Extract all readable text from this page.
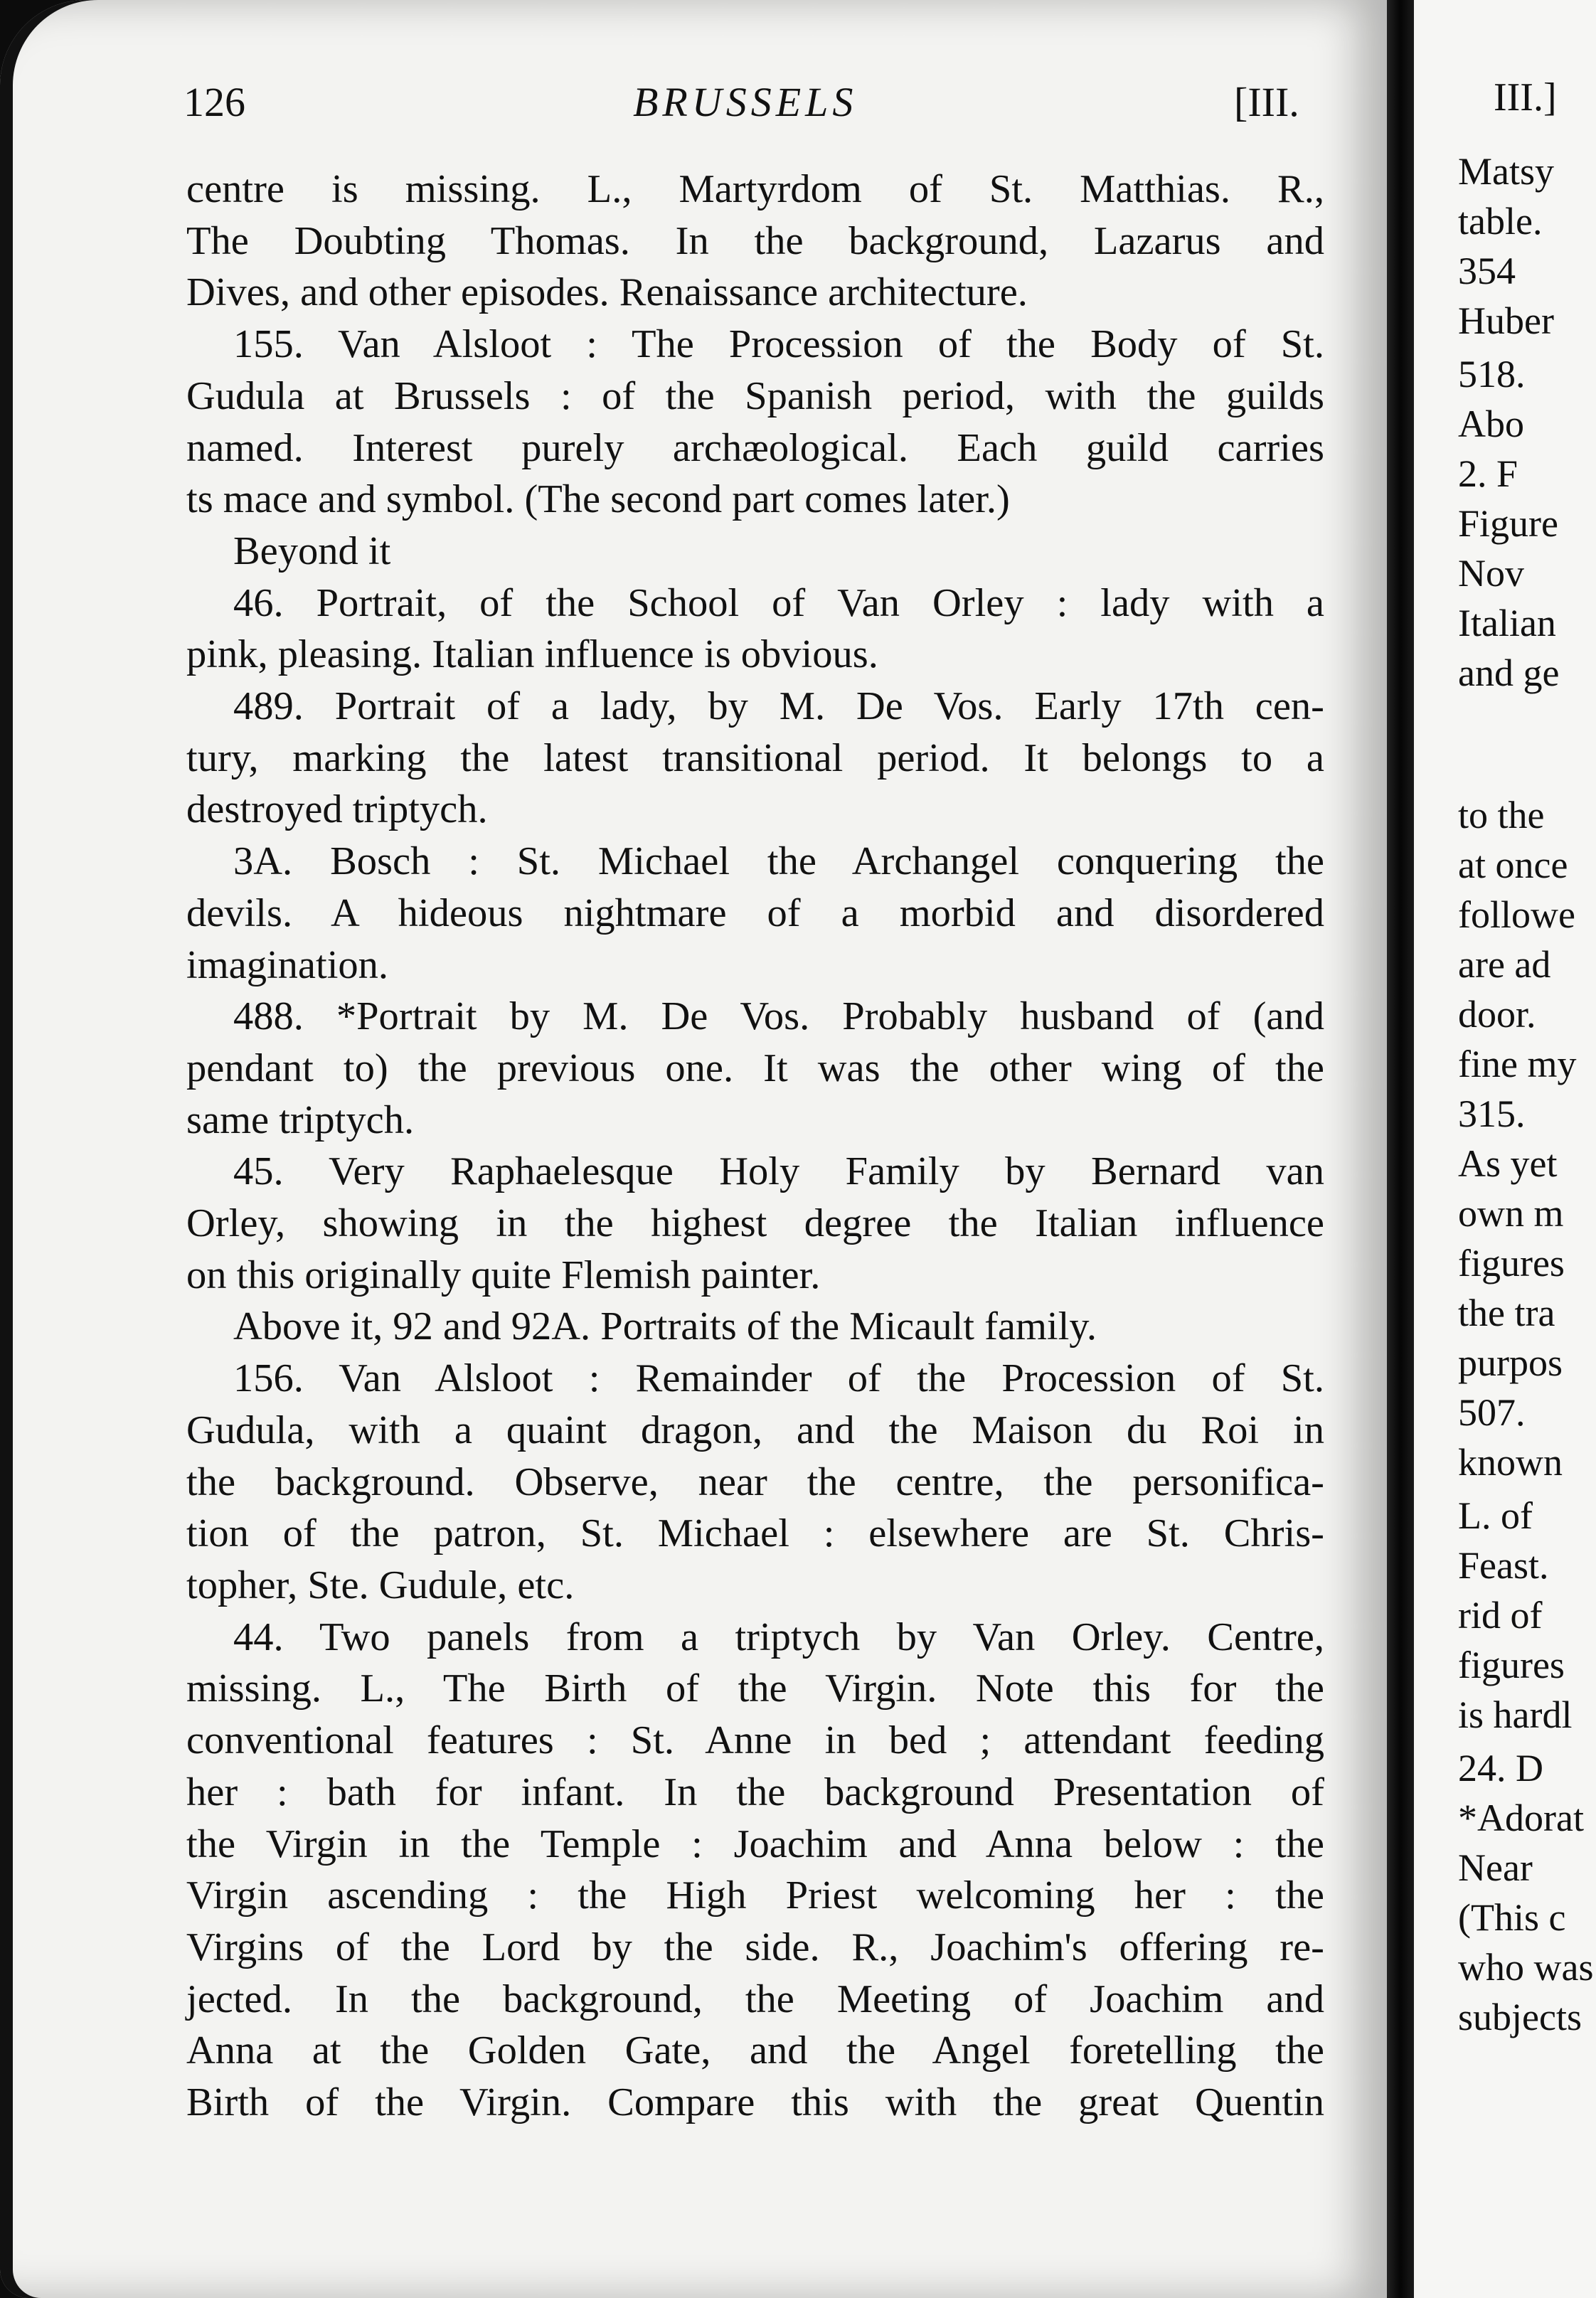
126	BRUSSELS	[III.
centre is missing. L., Martyrdom of St. Matthias. R.,
The Doubting Thomas. In the background, Lazarus and
Dives, and other episodes. Renaissance architecture.
155. Van Alsloot : The Procession of the Body of St.
Gudula at Brussels : of the Spanish period, with the guilds
named. Interest purely archæological. Each guild carries
ts mace and symbol. (The second part comes later.)
Beyond it
46. Portrait, of the School of Van Orley : lady with a
pink, pleasing. Italian influence is obvious.
489. Portrait of a lady, by M. De Vos. Early 17th cen-
tury, marking the latest transitional period. It belongs to a
destroyed triptych.
3A. Bosch : St. Michael the Archangel conquering the
devils. A hideous nightmare of a morbid and disordered
imagination.
488. *Portrait by M. De Vos. Probably husband of (and
pendant to) the previous one. It was the other wing of the
same triptych.
45. Very Raphaelesque Holy Family by Bernard van
Orley, showing in the highest degree the Italian influence
on this originally quite Flemish painter.
Above it, 92 and 92A. Portraits of the Micault family.
156. Van Alsloot : Remainder of the Procession of St.
Gudula, with a quaint dragon, and the Maison du Roi in
the background. Observe, near the centre, the personifica-
tion of the patron, St. Michael : elsewhere are St. Chris-
topher, Ste. Gudule, etc.
44. Two panels from a triptych by Van Orley. Centre,
missing. L., The Birth of the Virgin. Note this for the
conventional features : St. Anne in bed ; attendant feeding
her : bath for infant. In the background Presentation of
the Virgin in the Temple : Joachim and Anna below : the
Virgin ascending : the High Priest welcoming her : the
Virgins of the Lord by the side. R., Joachim's offering re-
jected. In the background, the Meeting of Joachim and
Anna at the Golden Gate, and the Angel foretelling the
Birth of the Virgin. Compare this with the great Quentin
III.]
Matsy
table.
354
Huber
518.
Abo
2. F
Figure
Nov
Italian
and ge
to the
at once
followe
are ad
door.
fine my
315.
As yet
own m
figures
the tra
purpos
507.
known
L. of
Feast.
rid of
figures
is hardl
24. D
*Adorat
Near
(This c
who was
subjects
